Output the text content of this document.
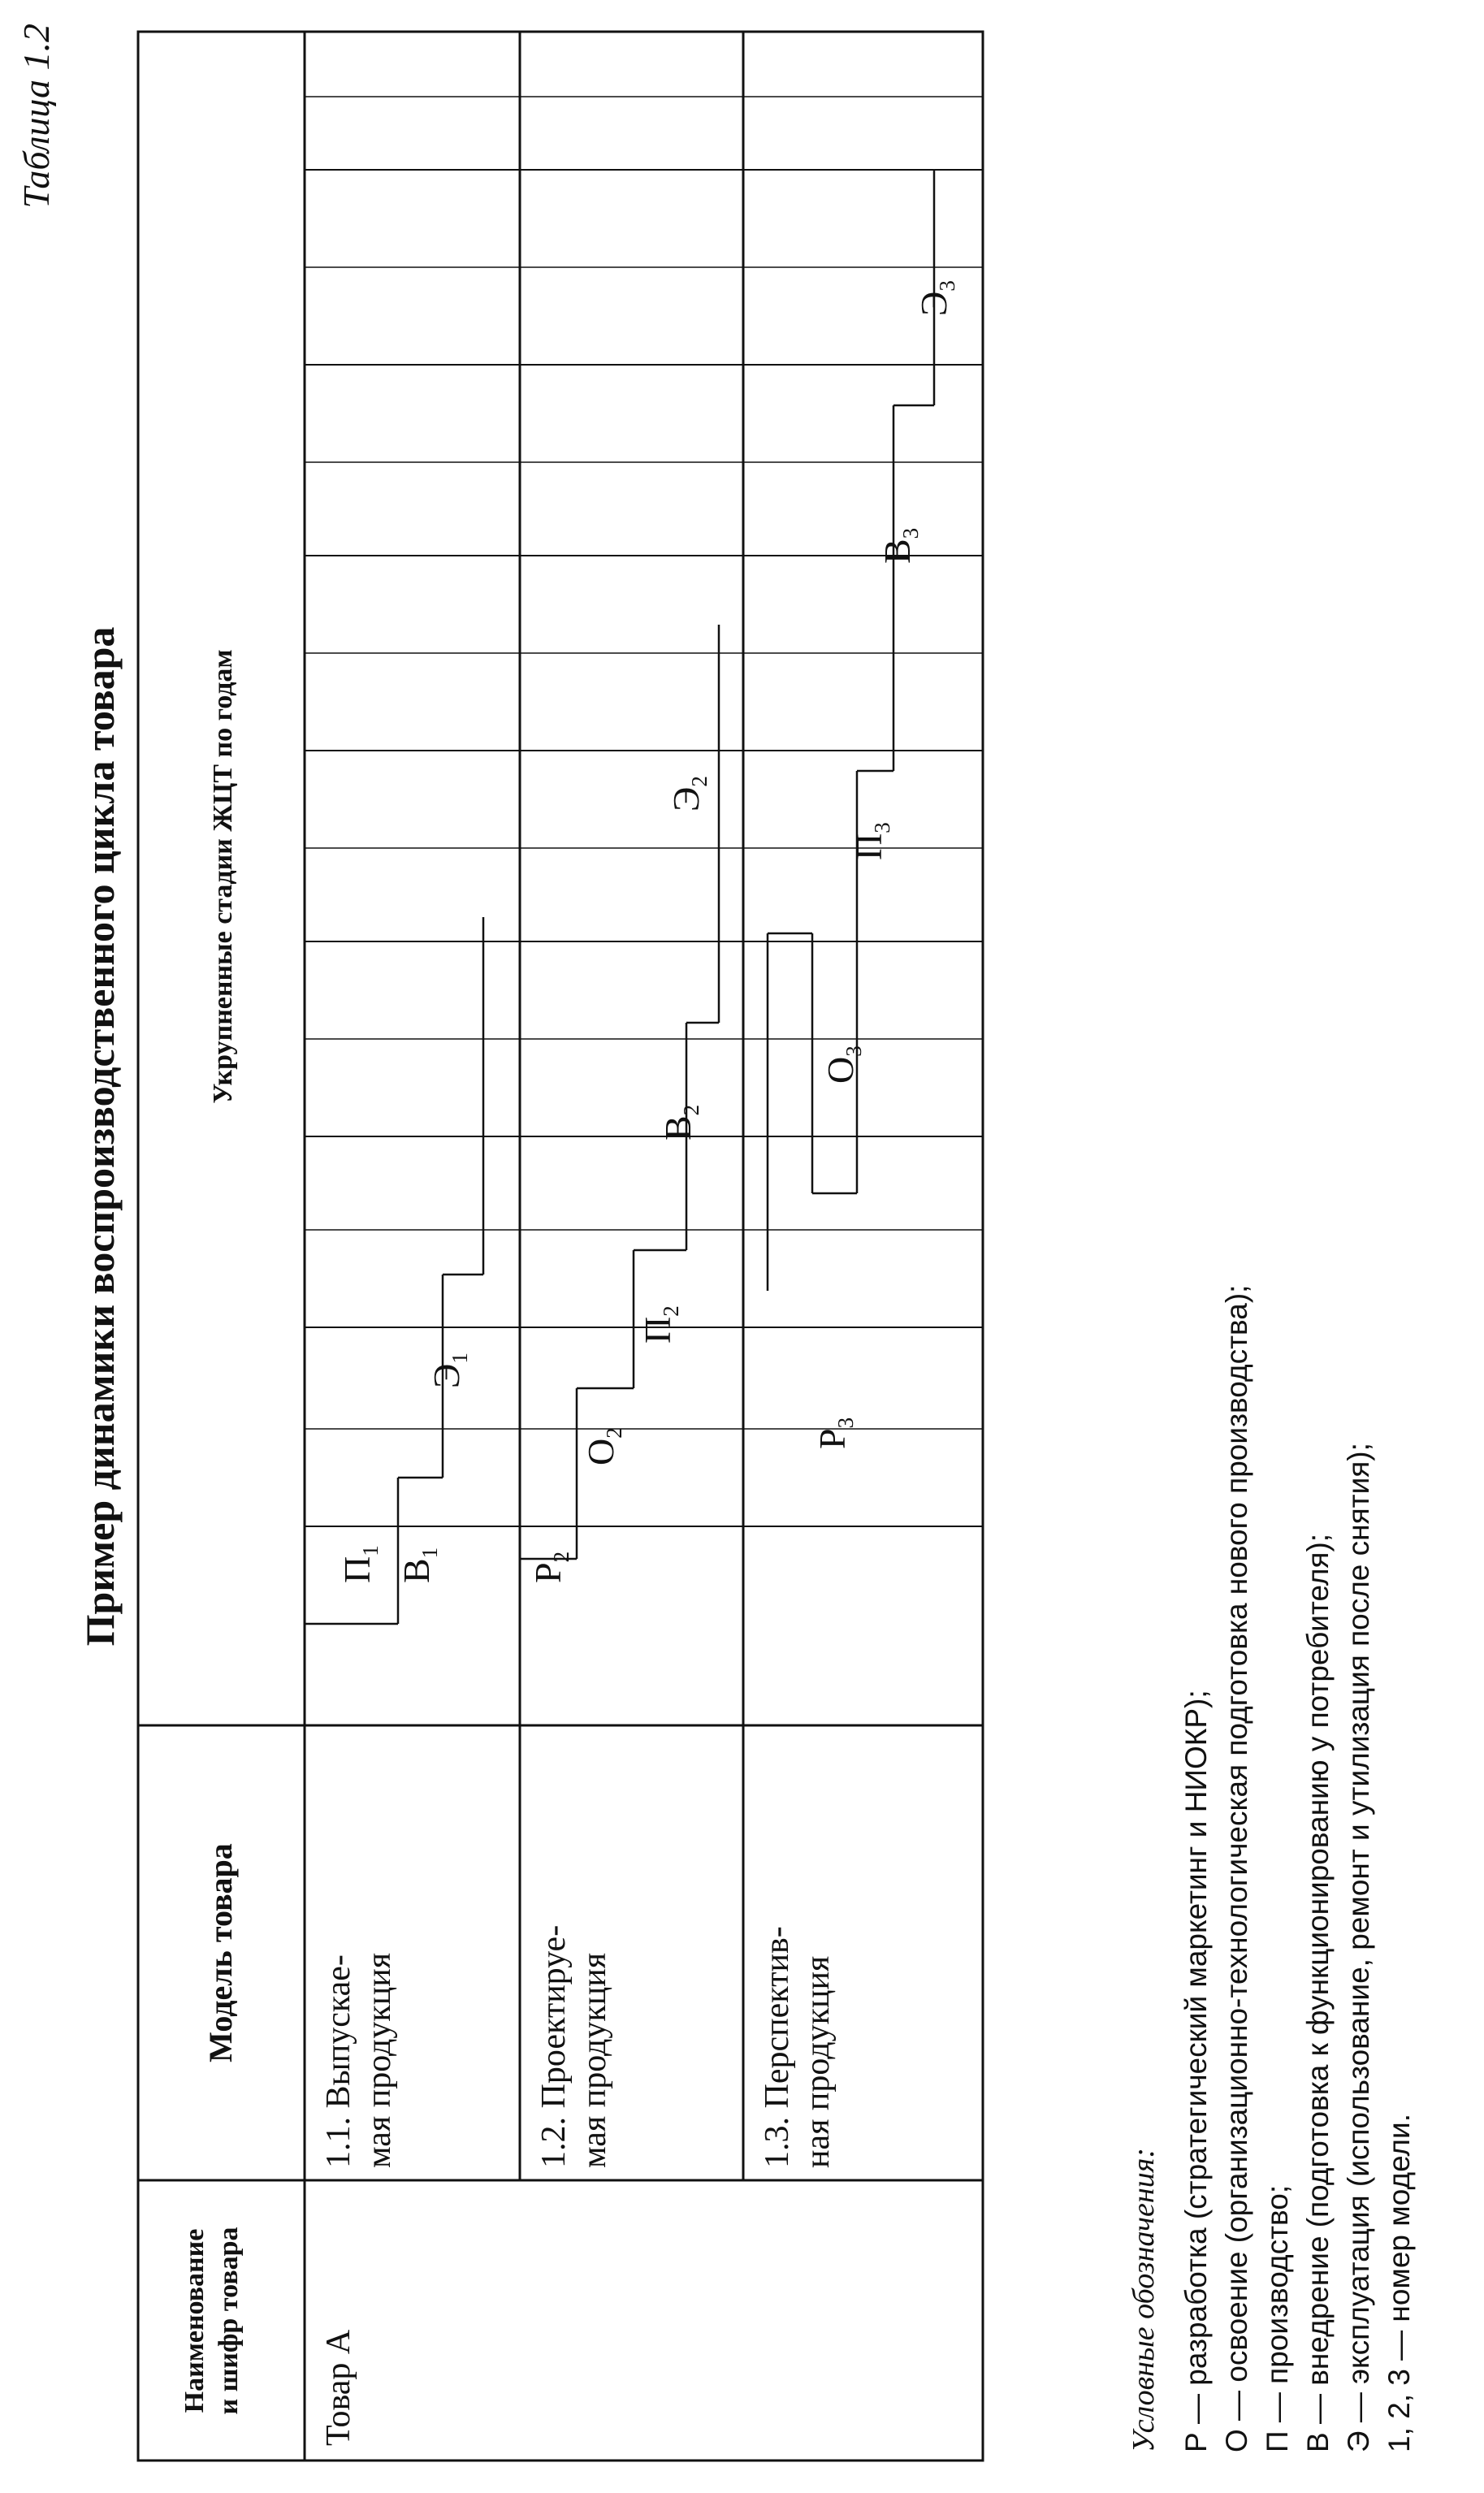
Таблица 1.2
Пример динамики воспроизводственного цикла товара
Наименование и шифр товара
Модель товара
Укрупненные стадии ЖЦТ по годам
Товар А
1.1. Выпускае- мая продукция	1.2. Проектируе- мая продукция	1.3. Перспектив- ная продукция
П1
В1
Э1
Р2
О2
П2
В2
Э2
Р3
О3
П3
В3
Э3
Условные обозначения: Р — разработка (стратегический маркетинг и НИОКР); О — освоение (организационно-технологическая подготовка нового производства); П — производство; В — внедрение (подготовка к функционированию у потребителя); Э — эксплуатация (использование, ремонт и утилизация после снятия); 1, 2, 3 — номер модели.
